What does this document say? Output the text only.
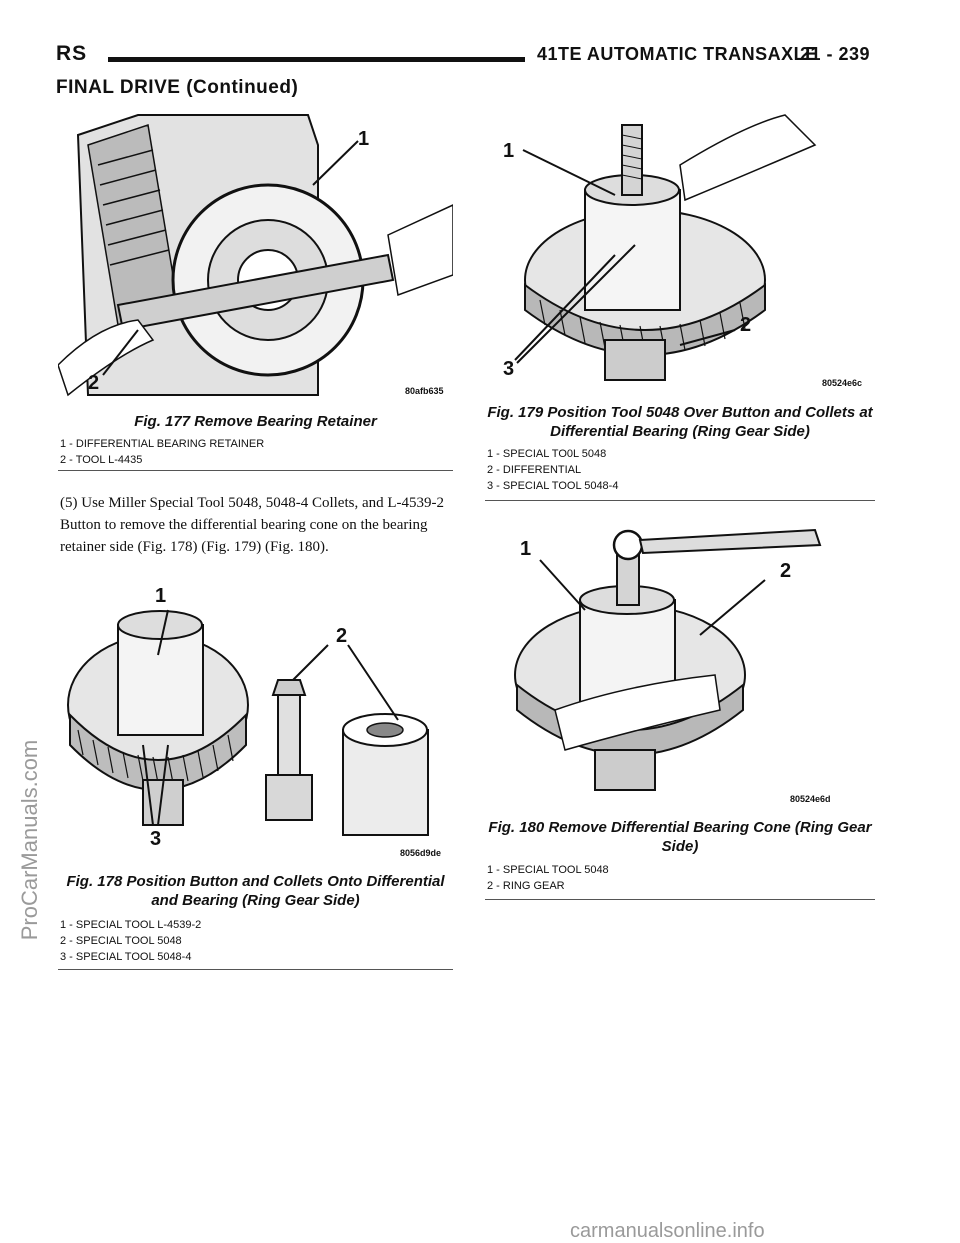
RS	41TE AUTOMATIC TRANSAXLE
21 - 239
FINAL DRIVE (Continued)
1
2	80afb635
Fig. 177 Remove Bearing Retainer
1 - DIFFERENTIAL BEARING RETAINER
2 - TOOL L-4435
(5) Use Miller Special Tool 5048, 5048-4 Collets, and L-4539-2 Button to remove the differential bearing cone on the bearing retainer side (Fig. 178) (Fig. 179) (Fig. 180).
1
2
3
8056d9de
Fig. 178 Position Button and Collets Onto Differential and Bearing (Ring Gear Side)
1 - SPECIAL TOOL L-4539-2
2 - SPECIAL TOOL 5048
3 - SPECIAL TOOL 5048-4
1
2
3
80524e6c
Fig. 179 Position Tool 5048 Over Button and Collets at Differential Bearing (Ring Gear Side)
1 - SPECIAL TO0L 5048
2 - DIFFERENTIAL
3 - SPECIAL TOOL 5048-4
1
2
80524e6d
Fig. 180 Remove Differential Bearing Cone (Ring Gear Side)
1 - SPECIAL TOOL 5048
2 - RING GEAR
ProCarManuals.com
carmanualsonline.info
